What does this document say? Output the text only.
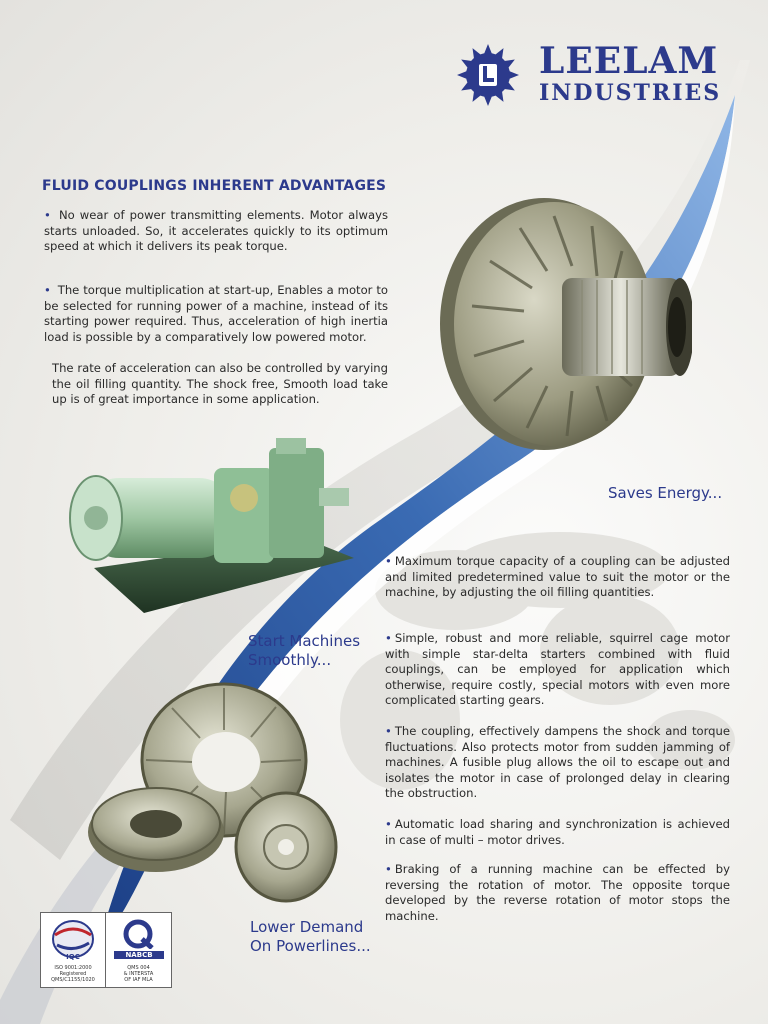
LEELAM
INDUSTRIES
FLUID COUPLINGS INHERENT ADVANTAGES
• No wear of power transmitting elements. Motor always starts unloaded. So, it accelerates quickly to its optimum speed at which it delivers its peak torque.
• The torque multiplication at start-up, Enables a motor to be selected for running power of a machine, instead of its starting power required. Thus, acceleration of high inertia load is possible by a comparatively low powered motor.
The rate of acceleration can also be controlled by varying the oil filling quantity. The shock free, Smooth load take up is of great importance in some application.
Saves Energy...
Start Machines
Smoothly...
• Maximum torque capacity of a coupling can be adjusted and limited predetermined value to suit the motor or the machine, by adjusting the oil filling quantities.
• Simple, robust and more reliable, squirrel cage motor with simple star-delta starters combined with fluid couplings, can be employed for application which otherwise, require costly, special motors with even more complicated starting gears.
• The coupling, effectively dampens the shock and torque fluctuations. Also protects motor from sudden jamming of machines. A fusible plug allows the oil to escape out and isolates the motor in case of prolonged delay in clearing the obstruction.
• Automatic load sharing and synchronization is achieved in case of multi – motor drives.
• Braking of a running machine can be effected by reversing the rotation of motor. The opposite torque developed by the reverse rotation of motor stops the machine.
Lower Demand
On Powerlines...
IQC
ISO 9001:2000
Registered
QMS/C1155/1020
NABCB
QMS 004
& INTERSTA
OF IAF MLA
